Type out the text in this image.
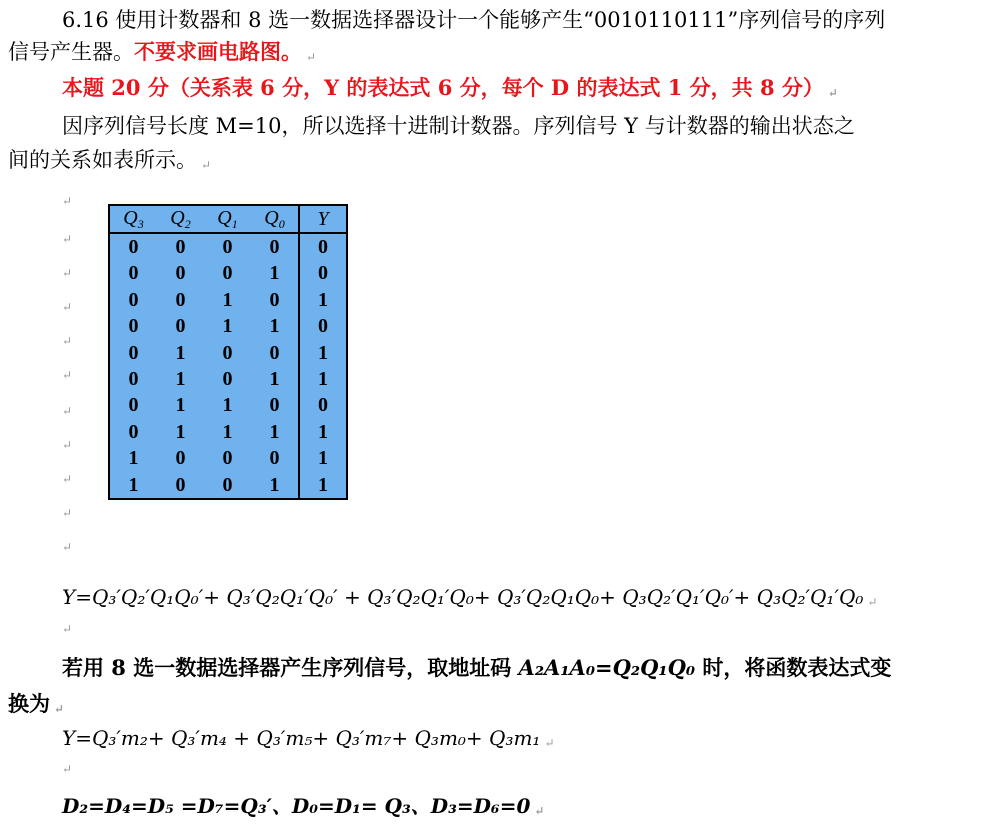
6.16 使用计数器和 8 选一数据选择器设计一个能够产生“0010110111”序列信号的序列
信号产生器。不要求画电路图。 ↵
本题 20 分（关系表 6 分，Y 的表达式 6 分，每个 D 的表达式 1 分，共 8 分） ↵
因序列信号长度 M=10，所以选择十进制计数器。序列信号 Y 与计数器的输出状态之
间的关系如表所示。 ↵
↵
↵
↵
↵
↵
↵
↵
↵
↵
↵
↵
$Q_3$	$Q_2$	$Q_1$	$Q_0$	Y
0	0	0	0	0
0	0	0	1	0
0	0	1	0	1
0	0	1	1	0
0	1	0	0	1
0	1	0	1	1
0	1	1	0	0
0	1	1	1	1
1	0	0	0	1
1	0	0	1	1
Y=Q₃′Q₂′Q₁Q₀′+ Q₃′Q₂Q₁′Q₀′ + Q₃′Q₂Q₁′Q₀+ Q₃′Q₂Q₁Q₀+ Q₃Q₂′Q₁′Q₀′+ Q₃Q₂′Q₁′Q₀ ↵
↵
若用 8 选一数据选择器产生序列信号，取地址码 A₂A₁A₀=Q₂Q₁Q₀ 时，将函数表达式变
换为 ↵
Y=Q₃′m₂+ Q₃′m₄ + Q₃′m₅+ Q₃′m₇+ Q₃m₀+ Q₃m₁ ↵
↵
D₂=D₄=D₅ =D₇=Q₃′、D₀=D₁= Q₃、D₃=D₆=0 ↵
